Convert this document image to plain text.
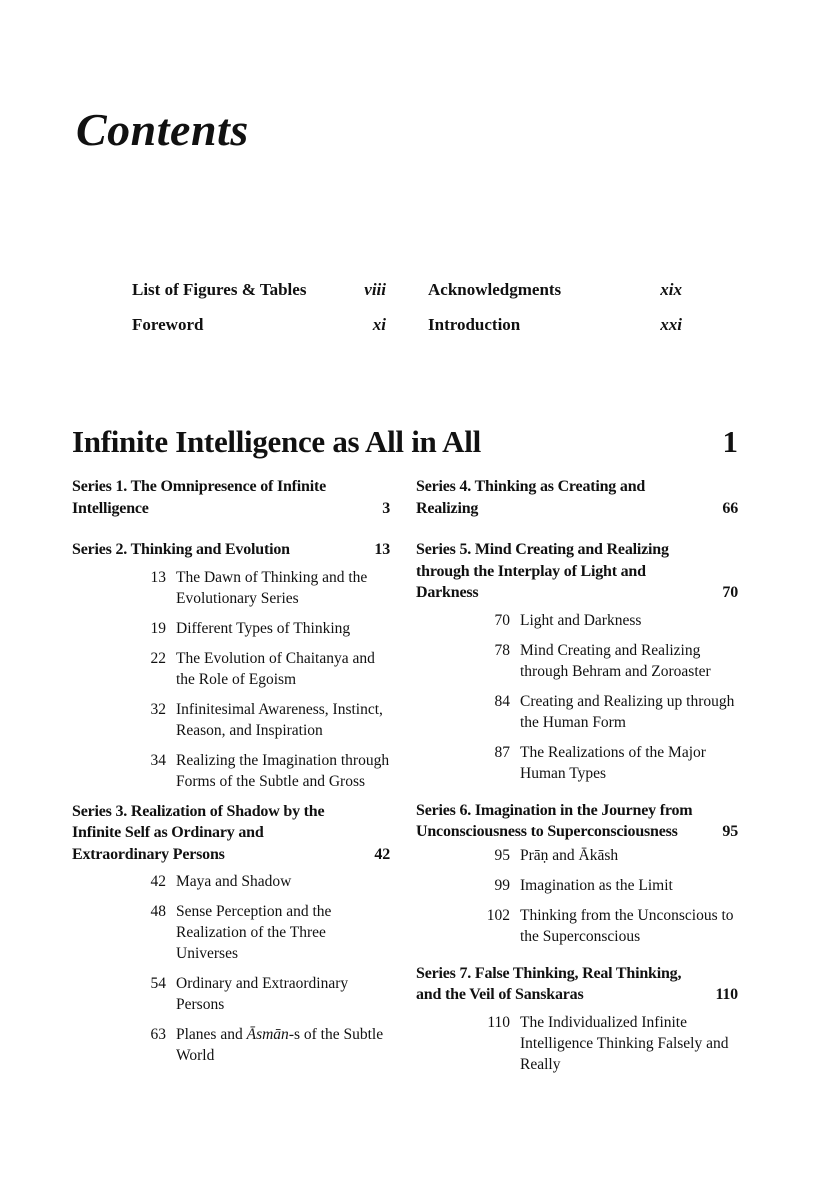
Contents
List of Figures & Tables	viii Acknowledgments	xix
Foreword	xi Introduction	xxi
Infinite Intelligence as All in All	1
Series 1. The Omnipresence of Infinite Intelligence	3
Series 2. Thinking and Evolution	13
13 The Dawn of Thinking and the Evolutionary Series
19 Different Types of Thinking
22 The Evolution of Chaitanya and the Role of Egoism
32 Infinitesimal Awareness, Instinct, Reason, and Inspiration
34 Realizing the Imagination through Forms of the Subtle and Gross
Series 3. Realization of Shadow by the Infinite Self as Ordinary and Extraordinary Persons	42
42 Maya and Shadow
48 Sense Perception and the Realization of the Three Universes
54 Ordinary and Extraordinary Persons
63 Planes and Āsmān-s of the Subtle World
Series 4. Thinking as Creating and Realizing	66
Series 5. Mind Creating and Realizing through the Interplay of Light and Darkness	70
70 Light and Darkness
78 Mind Creating and Realizing through Behram and Zoroaster
84 Creating and Realizing up through the Human Form
87 The Realizations of the Major Human Types
Series 6. Imagination in the Journey from Unconsciousness to Superconsciousness	95
95 Prāṇ and Ākāsh
99 Imagination as the Limit
102 Thinking from the Unconscious to the Superconscious
Series 7. False Thinking, Real Thinking, and the Veil of Sanskaras	110
110 The Individualized Infinite Intelligence Thinking Falsely and Really
